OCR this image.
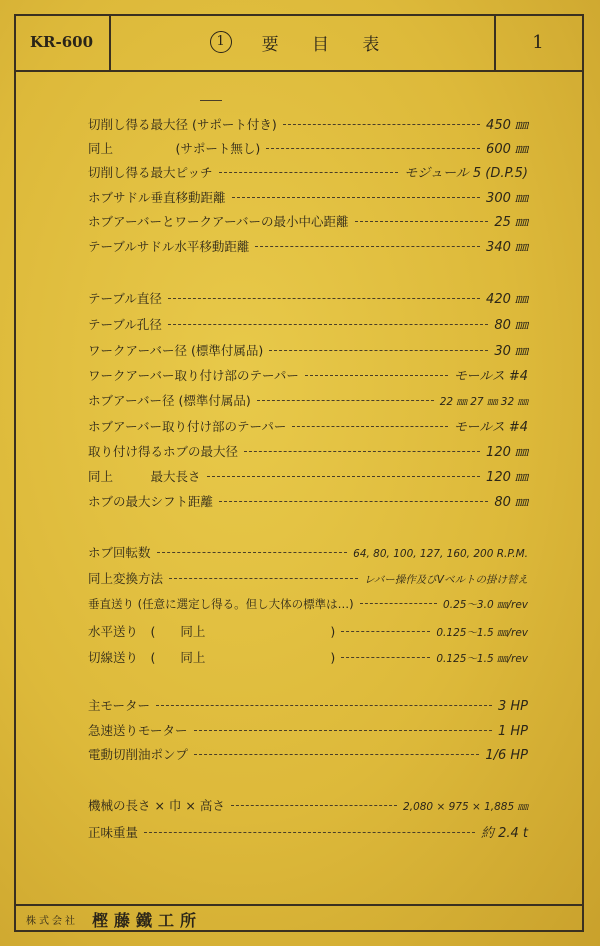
KR-600	1	要 目 表	1
切削し得る最大径 (サポート付き)	450 ㎜
同上　　　　　(サポート無し)	600 ㎜
切削し得る最大ピッチ	モジュール 5 (D.P.5)
ホブサドル垂直移動距離	300 ㎜
ホブアーバーとワークアーバーの最小中心距離	25 ㎜
テーブルサドル水平移動距離	340 ㎜
テーブル直径	420 ㎜
テーブル孔径	80 ㎜
ワークアーバー径 (標準付属品)	30 ㎜
ワークアーバー取り付け部のテーパー	モールス #4
ホブアーバー径 (標準付属品)	22 ㎜ 27 ㎜ 32 ㎜
ホブアーバー取り付け部のテーパー	モールス #4
取り付け得るホブの最大径	120 ㎜
同上　　　最大長さ	120 ㎜
ホブの最大シフト距離	80 ㎜
ホブ回転数	64, 80, 100, 127, 160, 200 R.P.M.
同上変換方法	レバー操作及びVベルトの掛け替え
垂直送り (任意に選定し得る。但し大体の標準は…)	0.25～3.0 ㎜/rev
水平送り　(　　同上　　　　　　　　　　)	0.125～1.5 ㎜/rev
切線送り　(　　同上　　　　　　　　　　)	0.125～1.5 ㎜/rev
主モーター	3 HP
急速送りモーター	1 HP
電動切削油ポンプ	1/6 HP
機械の長さ × 巾 × 高さ	2,080 × 975 × 1,885 ㎜
正味重量	約 2.4 t
株式会社 樫藤鐵工所
